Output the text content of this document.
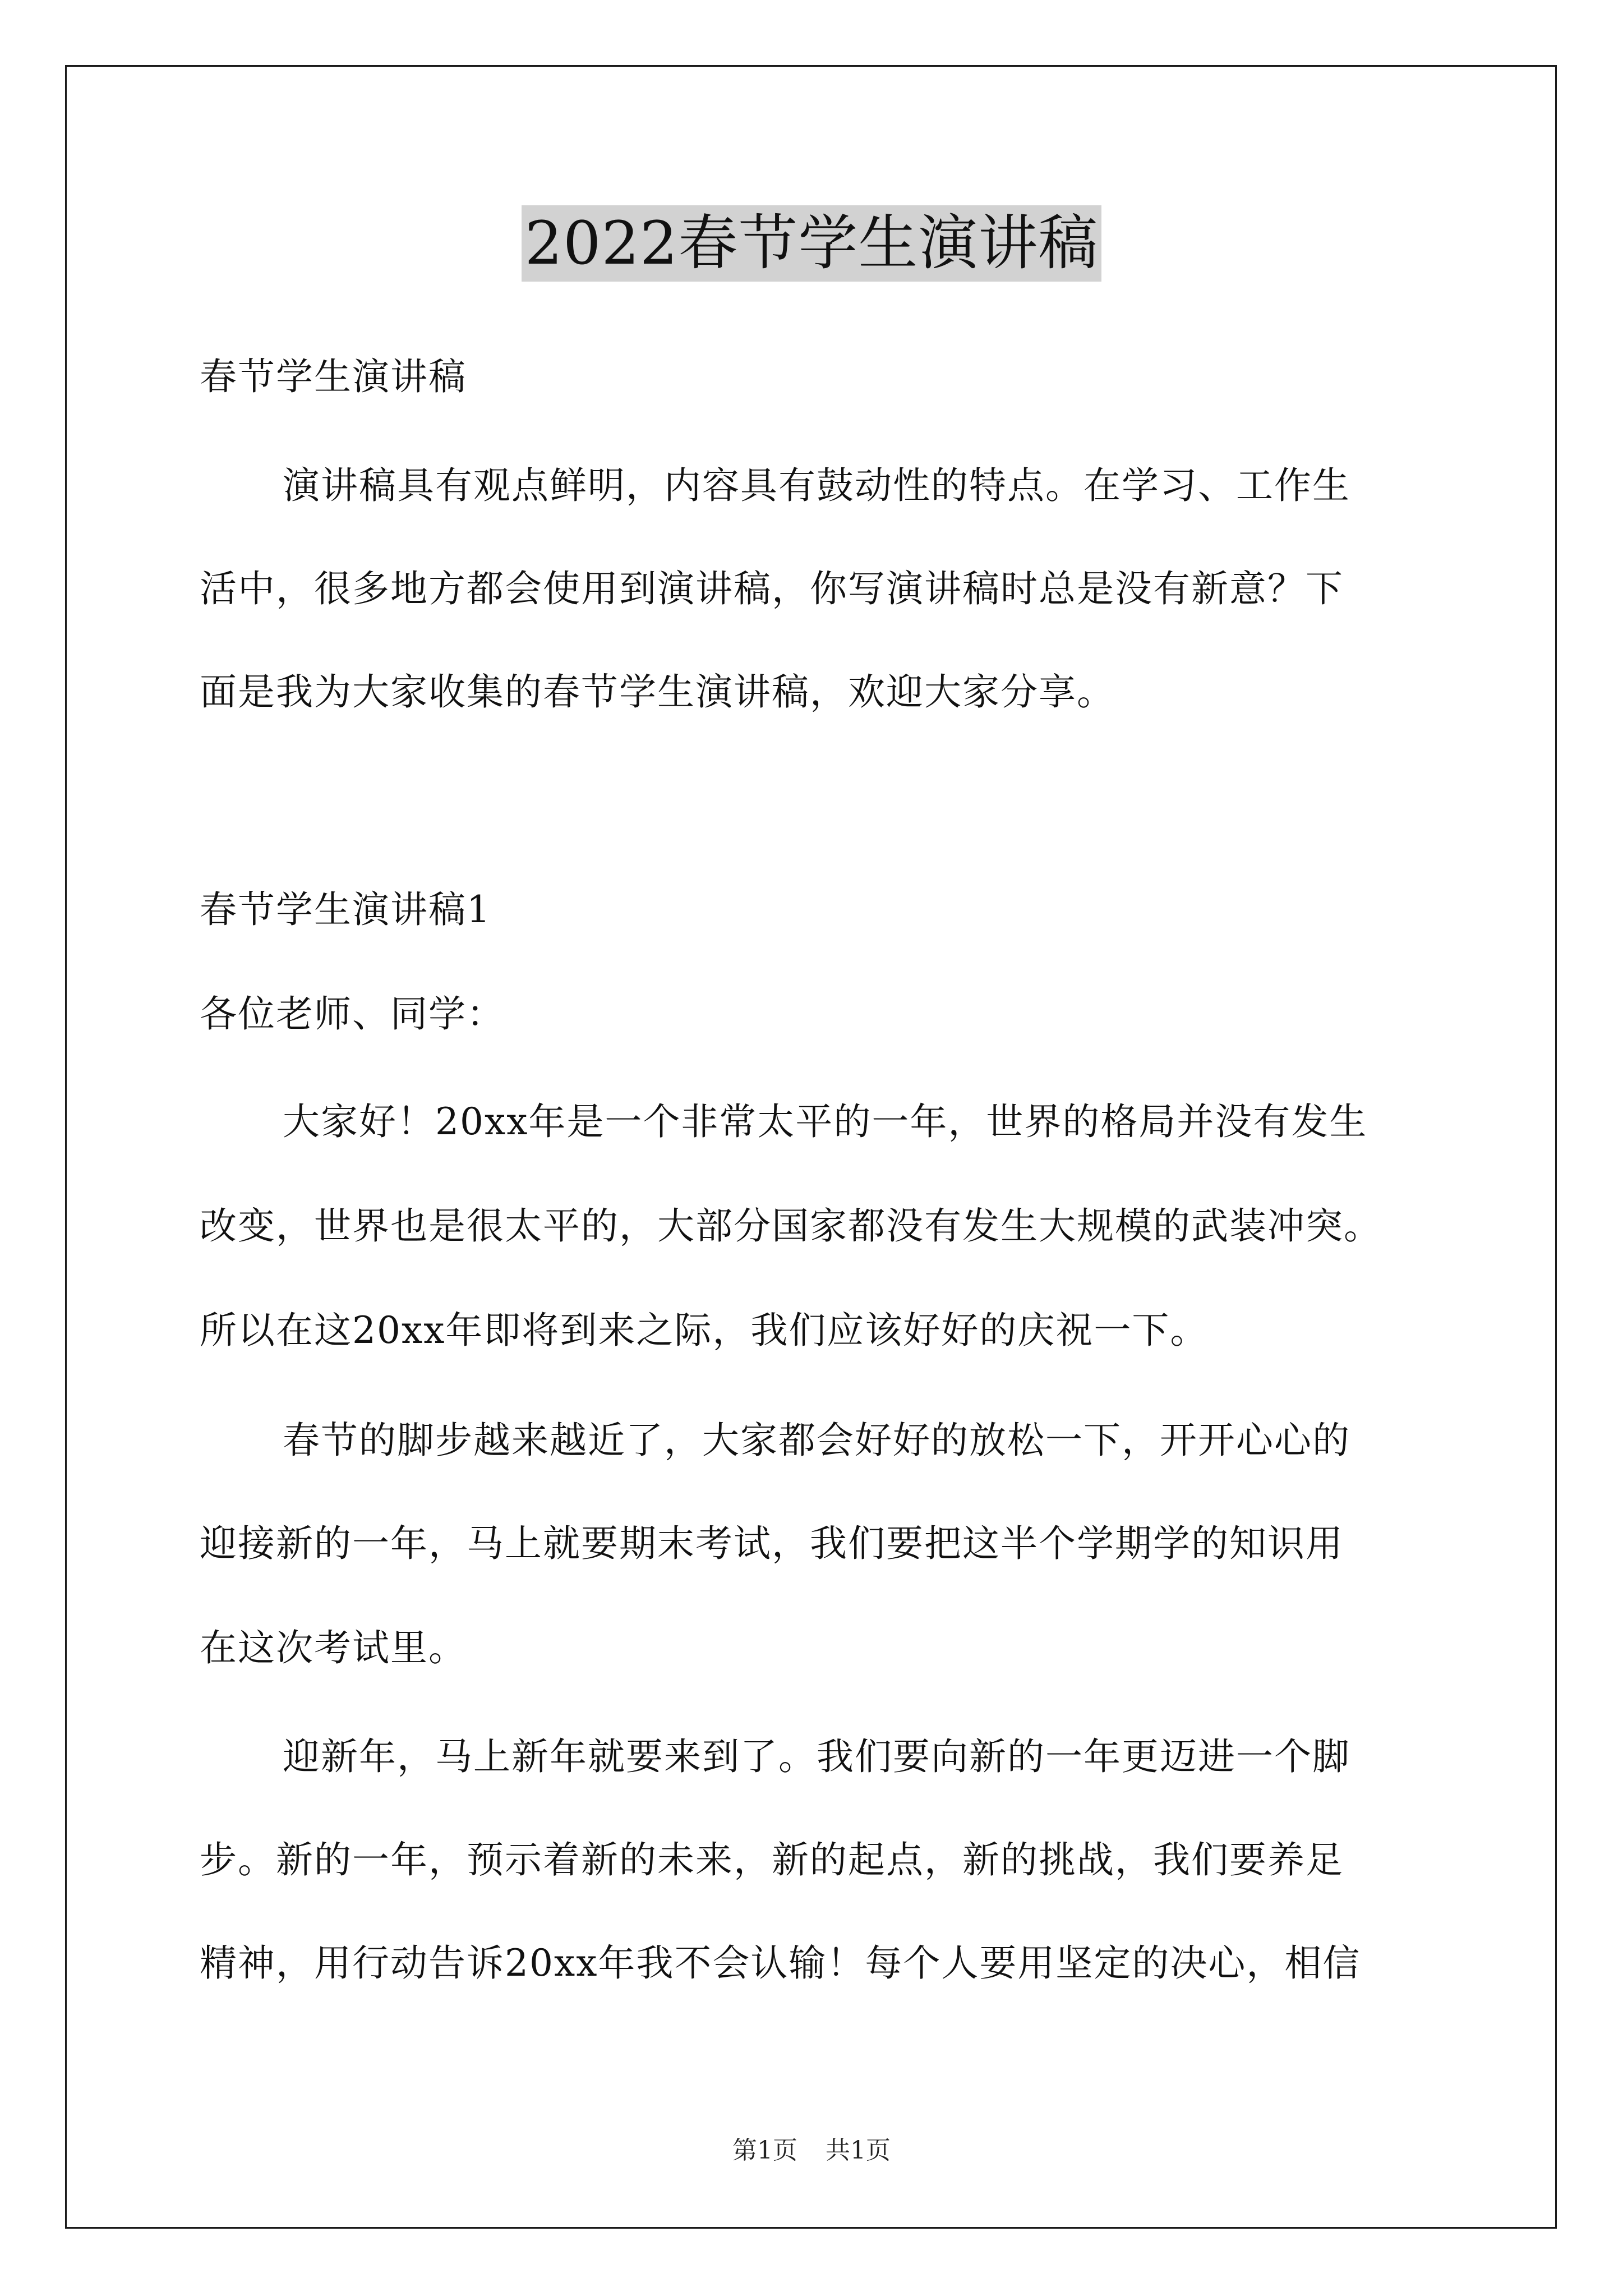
2022春节学生演讲稿
春节学生演讲稿
演讲稿具有观点鲜明，内容具有鼓动性的特点。在学习、工作生
活中，很多地方都会使用到演讲稿，你写演讲稿时总是没有新意？下
面是我为大家收集的春节学生演讲稿，欢迎大家分享。
春节学生演讲稿1
各位老师、同学：
大家好！20xx年是一个非常太平的一年，世界的格局并没有发生
改变，世界也是很太平的，大部分国家都没有发生大规模的武装冲突。
所以在这20xx年即将到来之际，我们应该好好的庆祝一下。
春节的脚步越来越近了，大家都会好好的放松一下，开开心心的
迎接新的一年，马上就要期末考试，我们要把这半个学期学的知识用
在这次考试里。
迎新年，马上新年就要来到了。我们要向新的一年更迈进一个脚
步。新的一年，预示着新的未来，新的起点，新的挑战，我们要养足
精神，用行动告诉20xx年我不会认输！每个人要用坚定的决心，相信
第1页 共1页
